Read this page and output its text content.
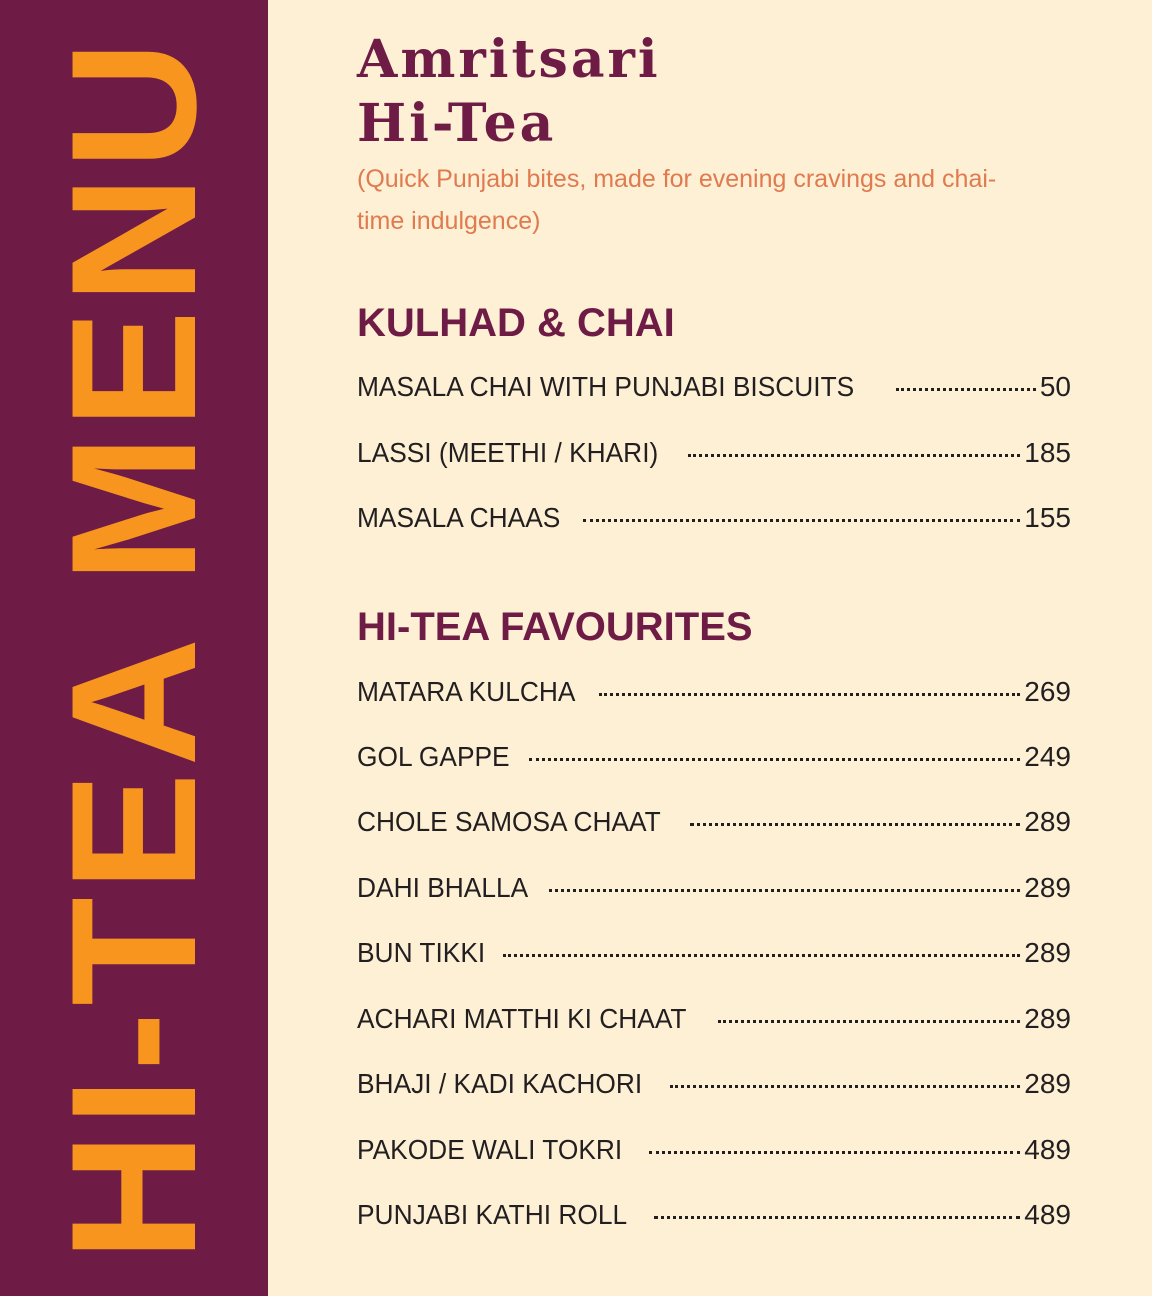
HI-TEA MENU Amritsari
Hi-Tea

(Quick Punjabi bites, made for evening cravings and chai-time indulgence)

KULHAD & CHAI
MASALA CHAI WITH PUNJABI BISCUITS	50
LASSI (MEETHI / KHARI)	185
MASALA CHAAS	155
HI-TEA FAVOURITES
MATARA KULCHA	269
GOL GAPPE	249
CHOLE SAMOSA CHAAT	289
DAHI BHALLA	289
BUN TIKKI	289
ACHARI MATTHI KI CHAAT	289
BHAJI / KADI KACHORI	289
PAKODE WALI TOKRI	489
PUNJABI KATHI ROLL	489
